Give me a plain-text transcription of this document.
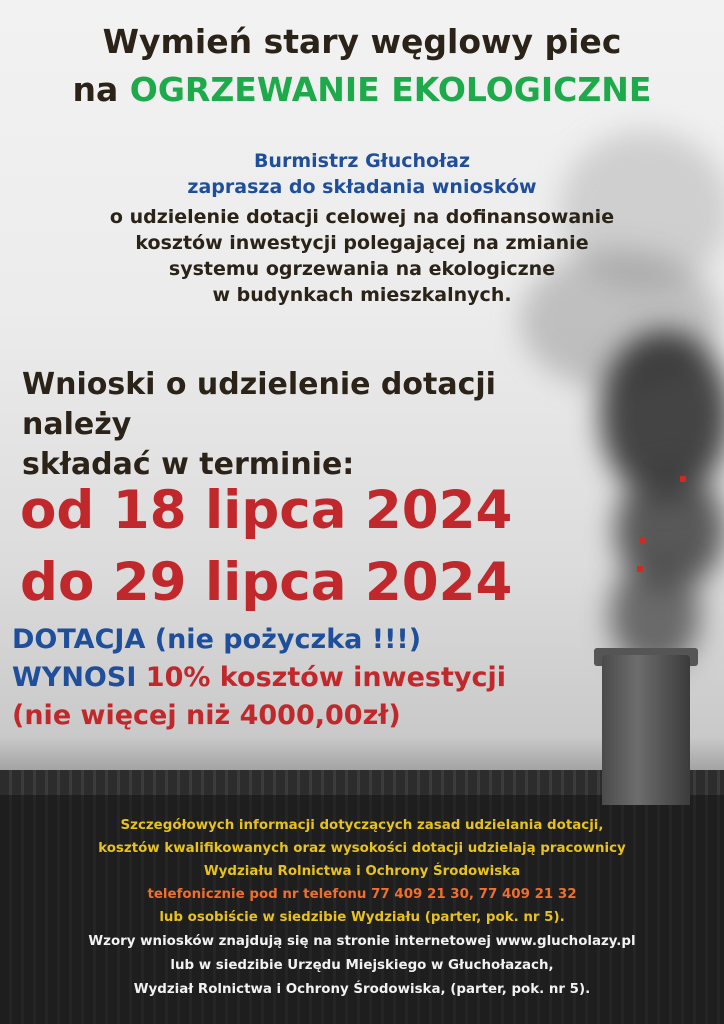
Wymień stary węglowy piec
na OGRZEWANIE EKOLOGICZNE

Burmistrz Głuchołaz

zaprasza do składania wniosków

o udzielenie dotacji celowej na dofinansowanie
kosztów inwestycji polegającej na zmianie
systemu ogrzewania na ekologiczne
w budynkach mieszkalnych.
Wnioski o udzielenie dotacji należy
składać w terminie:

od 18 lipca 2024

do 29 lipca 2024

DOTACJA (nie pożyczka !!!)

WYNOSI 10% kosztów inwestycji

(nie więcej niż 4000,00zł)

Szczegółowych informacji dotyczących zasad udzielania dotacji,

kosztów kwalifikowanych oraz wysokości dotacji udzielają pracownicy

Wydziału Rolnictwa i Ochrony Środowiska

telefonicznie pod nr telefonu 77 409 21 30, 77 409 21 32

lub osobiście w siedzibie Wydziału (parter, pok. nr 5).

Wzory wniosków znajdują się na stronie internetowej www.glucholazy.pl

lub w siedzibie Urzędu Miejskiego w Głuchołazach,

Wydział Rolnictwa i Ochrony Środowiska, (parter, pok. nr 5).
